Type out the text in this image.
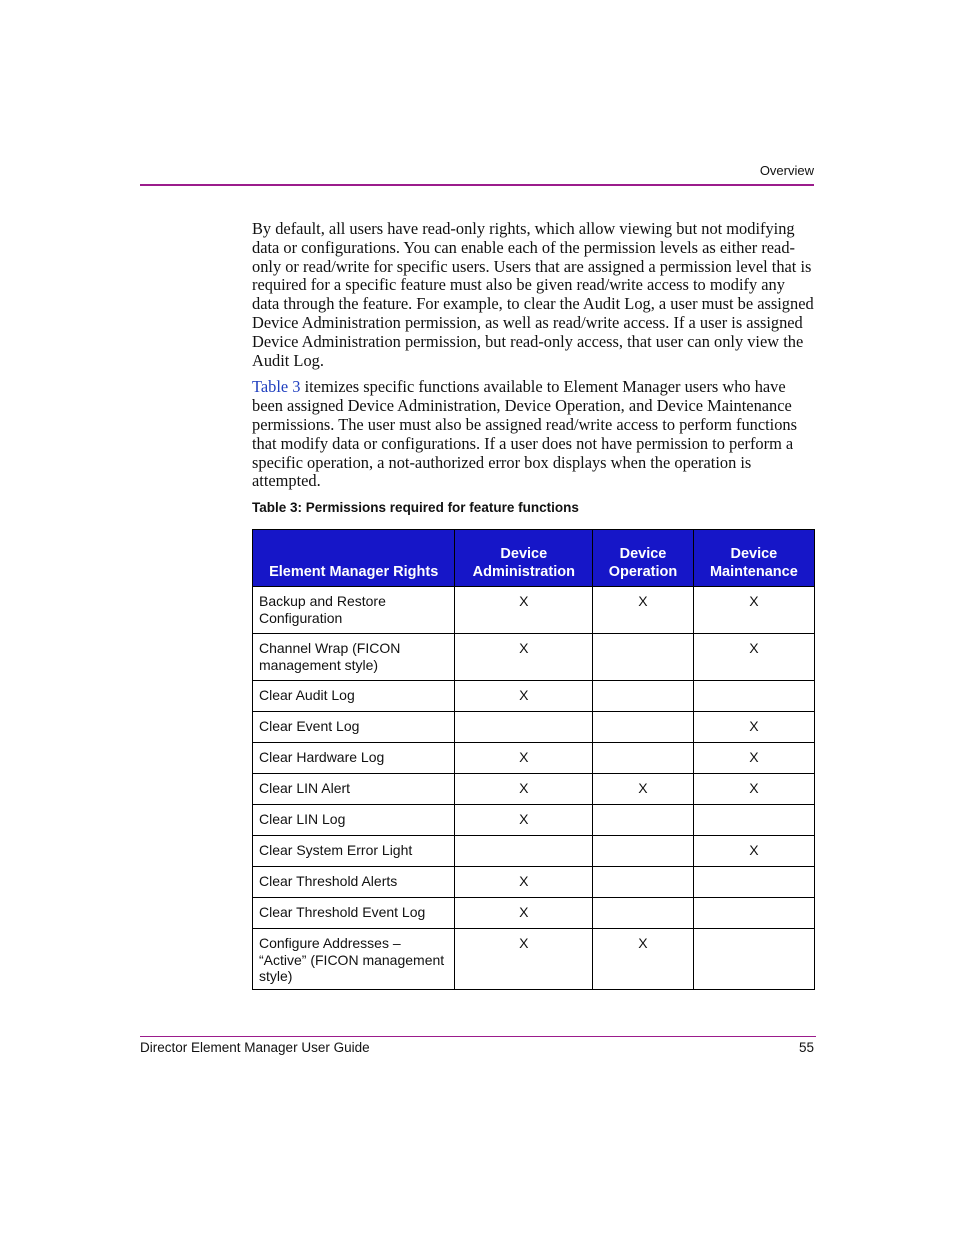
Overview

By default, all users have read-only rights, which allow viewing but not modifying data or configurations. You can enable each of the permission levels as either read-only or read/write for specific users. Users that are assigned a permission level that is required for a specific feature must also be given read/write access to modify any data through the feature. For example, to clear the Audit Log, a user must be assigned Device Administration permission, as well as read/write access. If a user is assigned Device Administration permission, but read-only access, that user can only view the Audit Log.

Table 3 itemizes specific functions available to Element Manager users who have been assigned Device Administration, Device Operation, and Device Maintenance permissions. The user must also be assigned read/write access to perform functions that modify data or configurations. If a user does not have permission to perform a specific operation, a not-authorized error box displays when the operation is attempted.

Table 3: Permissions required for feature functions
Element Manager Rights	Device Administration	Device Operation	Device Maintenance
Backup and Restore Configuration	X	X	X
Channel Wrap (FICON management style)	X		X
Clear Audit Log	X		
Clear Event Log			X
Clear Hardware Log	X		X
Clear LIN Alert	X	X	X
Clear LIN Log	X		
Clear System Error Light			X
Clear Threshold Alerts	X		
Clear Threshold Event Log	X		
Configure Addresses – “Active” (FICON management style)	X	X	
Director Element Manager User Guide	55
